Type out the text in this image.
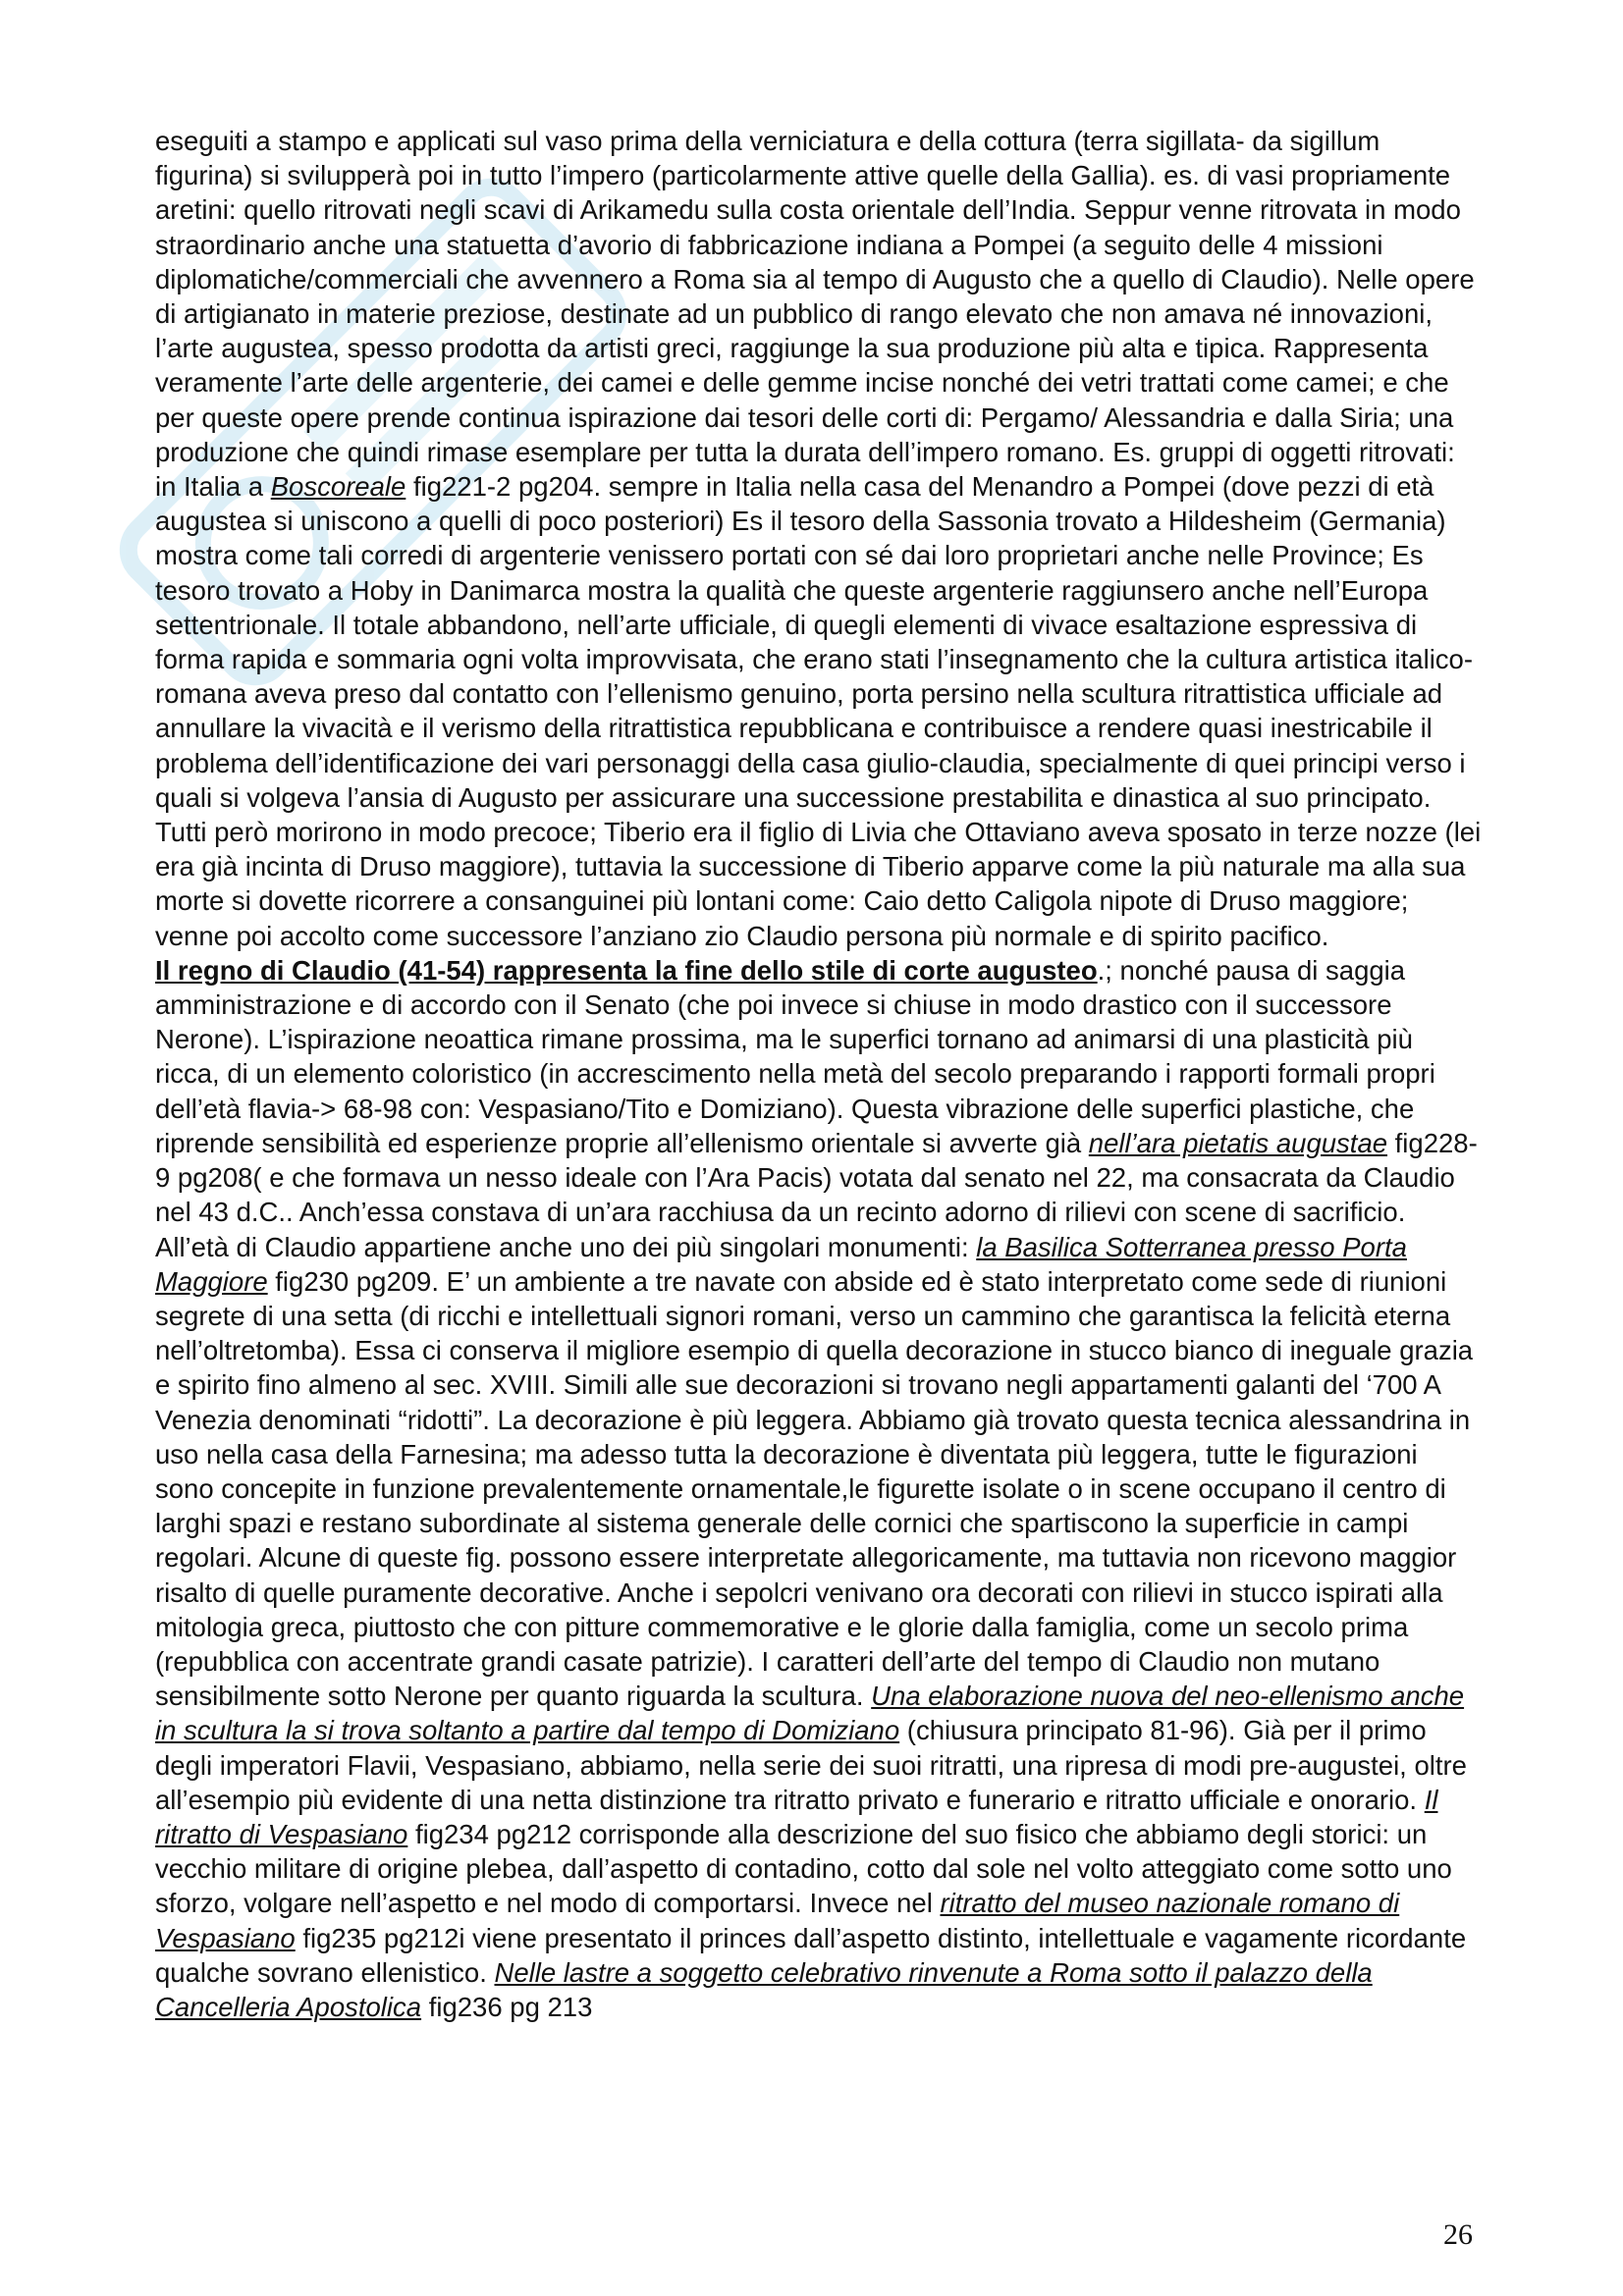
eseguiti a stampo e applicati sul vaso prima della verniciatura e della cottura (terra sigillata- da sigillum figurina) si svilupperà poi in tutto l’impero (particolarmente attive quelle della Gallia). es. di vasi propriamente aretini: quello ritrovati negli scavi di Arikamedu sulla costa orientale dell’India. Seppur venne ritrovata in modo straordinario anche una statuetta d’avorio di fabbricazione indiana a Pompei (a seguito delle 4 missioni diplomatiche/commerciali che avvennero a Roma sia al tempo di Augusto che a quello di Claudio). Nelle opere di artigianato in materie preziose, destinate ad un pubblico di rango elevato che non amava né innovazioni, l’arte augustea, spesso prodotta da artisti greci, raggiunge la sua produzione più alta e tipica. Rappresenta veramente l’arte delle argenterie, dei camei e delle gemme incise nonché dei vetri trattati come camei; e che per queste opere prende continua ispirazione dai tesori delle corti di: Pergamo/ Alessandria e dalla Siria; una produzione che quindi rimase esemplare per tutta la durata dell’impero romano. Es. gruppi di oggetti ritrovati: in Italia a Boscoreale fig221-2 pg204. sempre in Italia nella casa del Menandro a Pompei (dove pezzi di età augustea si uniscono a quelli di poco posteriori) Es il tesoro della Sassonia trovato a Hildesheim (Germania) mostra come tali corredi di argenterie venissero portati con sé dai loro proprietari anche nelle Province; Es tesoro trovato a Hoby in Danimarca mostra la qualità che queste argenterie raggiunsero anche nell’Europa settentrionale. Il totale abbandono, nell’arte ufficiale, di quegli elementi di vivace esaltazione espressiva di forma rapida e sommaria ogni volta improvvisata, che erano stati l’insegnamento che la cultura artistica italico-romana aveva preso dal contatto con l’ellenismo genuino, porta persino nella scultura ritrattistica ufficiale ad annullare la vivacità e il verismo della ritrattistica repubblicana e contribuisce a rendere quasi inestricabile il problema dell’identificazione dei vari personaggi della casa giulio-claudia, specialmente di quei principi verso i quali si volgeva l’ansia di Augusto per assicurare una successione prestabilita e dinastica al suo principato. Tutti però morirono in modo precoce; Tiberio era il figlio di Livia che Ottaviano aveva sposato in terze nozze (lei era già incinta di Druso maggiore), tuttavia la successione di Tiberio apparve come la più naturale ma alla sua morte si dovette ricorrere a consanguinei più lontani come: Caio detto Caligola nipote di Druso maggiore; venne poi accolto come successore l’anziano zio Claudio persona più normale e di spirito pacifico.

Il regno di Claudio (41-54) rappresenta la fine dello stile di corte augusteo.; nonché pausa di saggia amministrazione e di accordo con il Senato (che poi invece si chiuse in modo drastico con il successore Nerone). L’ispirazione neoattica rimane prossima, ma le superfici tornano ad animarsi di una plasticità più ricca, di un elemento coloristico (in accrescimento nella metà del secolo preparando i rapporti formali propri dell’età flavia-> 68-98 con: Vespasiano/Tito e Domiziano). Questa vibrazione delle superfici plastiche, che riprende sensibilità ed esperienze proprie all’ellenismo orientale si avverte già nell’ara pietatis augustae fig228-9 pg208( e che formava un nesso ideale con l’Ara Pacis) votata dal senato nel 22, ma consacrata da Claudio nel 43 d.C.. Anch’essa constava di un’ara racchiusa da un recinto adorno di rilievi con scene di sacrificio.

All’età di Claudio appartiene anche uno dei più singolari monumenti: la Basilica Sotterranea presso Porta Maggiore fig230 pg209. E’ un ambiente a tre navate con abside ed è stato interpretato come sede di riunioni segrete di una setta (di ricchi e intellettuali signori romani, verso un cammino che garantisca la felicità eterna nell’oltretomba). Essa ci conserva il migliore esempio di quella decorazione in stucco bianco di ineguale grazia e spirito fino almeno al sec. XVIII. Simili alle sue decorazioni si trovano negli appartamenti galanti del ‘700 A Venezia denominati “ridotti”. La decorazione è più leggera. Abbiamo già trovato questa tecnica alessandrina in uso nella casa della Farnesina; ma adesso tutta la decorazione è diventata più leggera, tutte le figurazioni sono concepite in funzione prevalentemente ornamentale,le figurette isolate o in scene occupano il centro di larghi spazi e restano subordinate al sistema generale delle cornici che spartiscono la superficie in campi regolari. Alcune di queste fig. possono essere interpretate allegoricamente, ma tuttavia non ricevono maggior risalto di quelle puramente decorative. Anche i sepolcri venivano ora decorati con rilievi in stucco ispirati alla mitologia greca, piuttosto che con pitture commemorative e le glorie dalla famiglia, come un secolo prima (repubblica con accentrate grandi casate patrizie). I caratteri dell’arte del tempo di Claudio non mutano sensibilmente sotto Nerone per quanto riguarda la scultura. Una elaborazione nuova del neo-ellenismo anche in scultura la si trova soltanto a partire dal tempo di Domiziano (chiusura principato 81-96). Già per il primo degli imperatori Flavii, Vespasiano, abbiamo, nella serie dei suoi ritratti, una ripresa di modi pre-augustei, oltre all’esempio più evidente di una netta distinzione tra ritratto privato e funerario e ritratto ufficiale e onorario. Il ritratto di Vespasiano fig234 pg212 corrisponde alla descrizione del suo fisico che abbiamo degli storici: un vecchio militare di origine plebea, dall’aspetto di contadino, cotto dal sole nel volto atteggiato come sotto uno sforzo, volgare nell’aspetto e nel modo di comportarsi. Invece nel ritratto del museo nazionale romano di Vespasiano fig235 pg212i viene presentato il princes dall’aspetto distinto, intellettuale e vagamente ricordante qualche sovrano ellenistico. Nelle lastre a soggetto celebrativo rinvenute a Roma sotto il palazzo della Cancelleria Apostolica fig236 pg 213

26
